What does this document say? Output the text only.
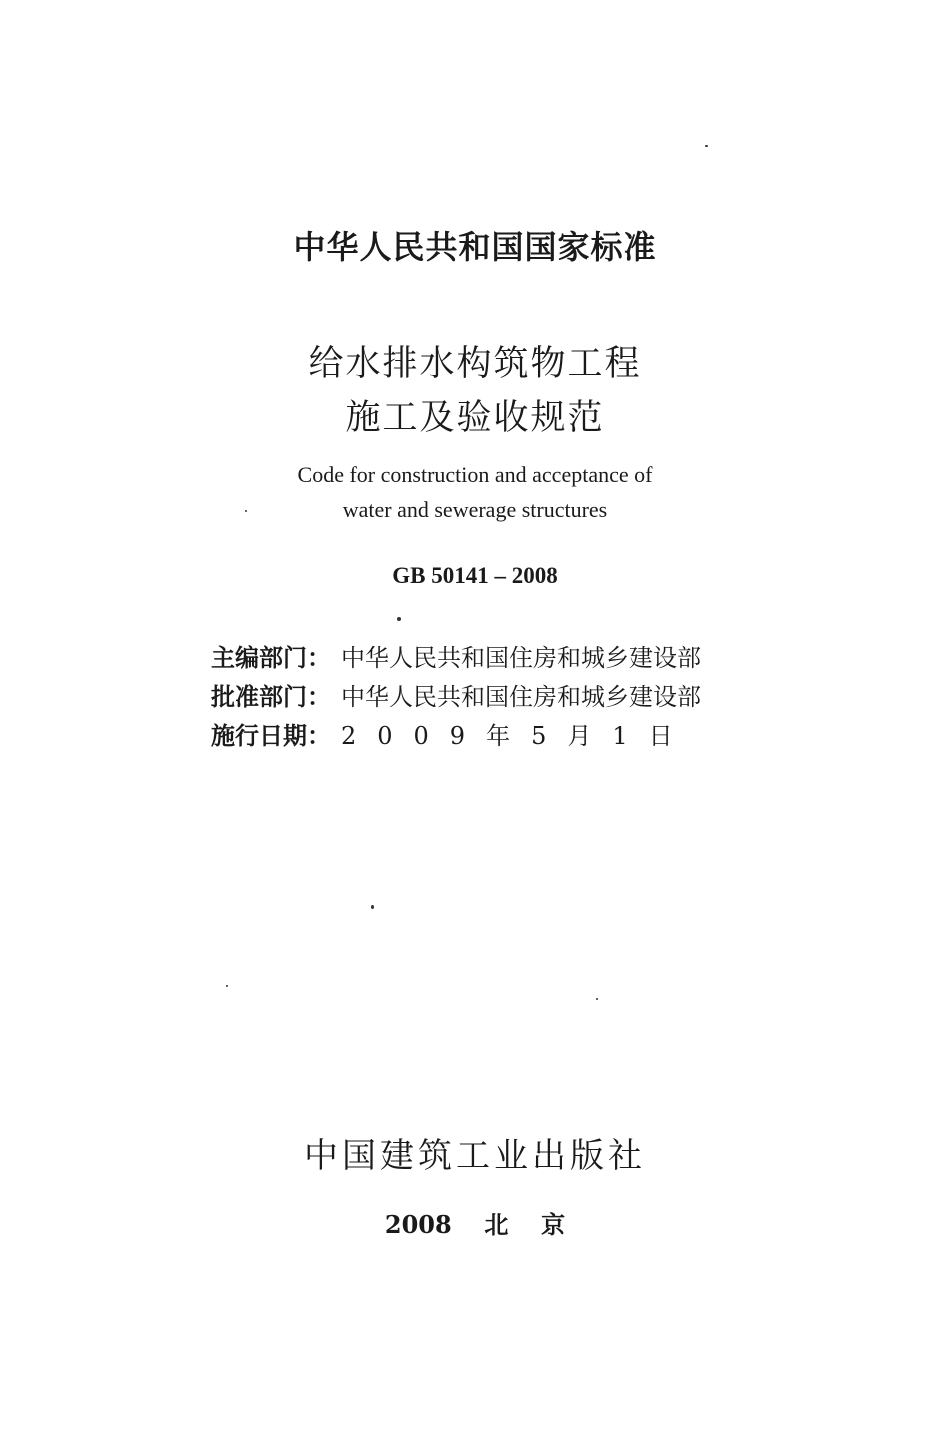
中华人民共和国国家标准
给水排水构筑物工程
施工及验收规范
Code for construction and acceptance of
water and sewerage structures
GB 50141 – 2008
主编部门： 中华人民共和国住房和城乡建设部
批准部门： 中华人民共和国住房和城乡建设部
施行日期： 2009年5月1日
中国建筑工业出版社
2008  北  京
